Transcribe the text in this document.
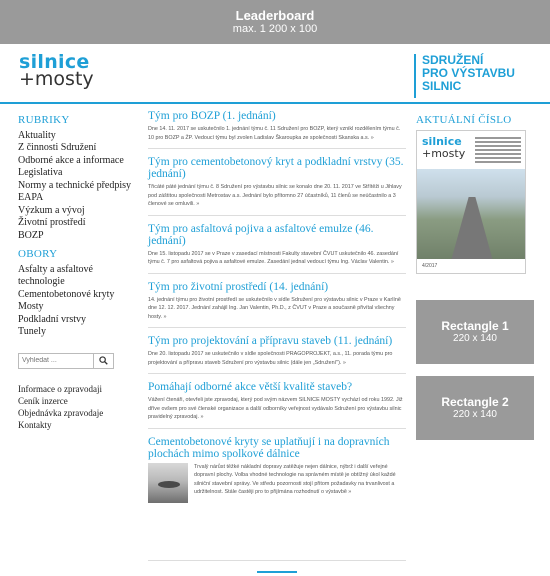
Leaderboard
max. 1 200 x 100
silnice
+mosty
SDRUŽENÍ
PRO VÝSTAVBU
SILNIC
RUBRIKY
Aktuality
Z činnosti Sdružení
Odborné akce a informace
Legislativa
Normy a technické předpisy
EAPA
Výzkum a vývoj
Životní prostředí
BOZP
OBORY
Asfalty a asfaltové technologie
Cementobetonové kryty
Mosty
Podkladní vrstvy
Tunely
Vyhledat ...
Informace o zpravodaji
Ceník inzerce
Objednávka zpravodaje
Kontakty
Tým pro BOZP (1. jednání)

Dne 14. 11. 2017 se uskutečnilo 1. jednání týmu č. 11 Sdružení pro BOZP, který vznikl rozdělením týmu č. 10 pro BOZP a ŽP. Vedoucí týmu byl zvolen Ladislav Škaroupka ze společnosti Skanska a.s. »

Tým pro cementobetonový kryt a podkladní vrstvy (35. jednání)

Třicáté páté jednání týmu č. 8 Sdružení pro výstavbu silnic se konalo dne 20. 11. 2017 ve Střítěži u Jihlavy pod záštitou společnosti Metrostav a.s. Jednání bylo přítomno 27 účastníků, 11 členů se neúčastnilo a 3 členové se omluvili. »

Tým pro asfaltová pojiva a asfaltové emulze (46. jednání)

Dne 15. listopadu 2017 se v Praze v zasedací místnosti Fakulty stavební ČVUT uskutečnilo 46. zasedání týmu č. 7 pro asfaltová pojiva a asfaltové emulze. Zasedání jednal vedoucí týmu Ing. Václav Valentin. »

Tým pro životní prostředí (14. jednání)

14. jednání týmu pro životní prostředí se uskutečnilo v sídle Sdružení pro výstavbu silnic v Praze v Karlíně dne 12. 12. 2017. Jednání zahájil Ing. Jan Valentin, Ph.D., z ČVUT v Praze a současně přivítal všechny hosty. »

Tým pro projektování a přípravu staveb (11. jednání)

Dne 20. listopadu 2017 se uskutečnilo v sídle společnosti PRAGOPROJEKT, a.s., 11. porada týmu pro projektování a přípravu staveb Sdružení pro výstavbu silnic (dále jen „Sdružení"). »

Pomáhají odborné akce větší kvalitě staveb?

Vážení čtenáři, otevřeli jste zpravodaj, který pod svým názvem SILNICE MOSTY vychází od roku 1992. Již dříve ovšem pro své členské organizace a další odborníky veřejnost vydávalo Sdružení pro výstavbu silnic pravidelný zpravodaj. »

Cementobetonové kryty se uplatňují i na dopravních plochách mimo spolkové dálnice

Trvalý nárůst těžké nákladní dopravy zatěžuje nejen dálnice, nýbrž i další veřejné dopravní plochy. Volba vhodné technologie na správném místě je obtížný úkol každé silniční stavební správy. Ve středu pozornosti stojí přitom požadavky na trvanlivost a udržitelnost. Stále častěji pro to přijímána rozhodnutí o výstavbě »

AKTUÁLNÍ ČÍSLO
silnice
+mosty
4/2017
Rectangle 1
220 x 140
Rectangle 2
220 x 140
